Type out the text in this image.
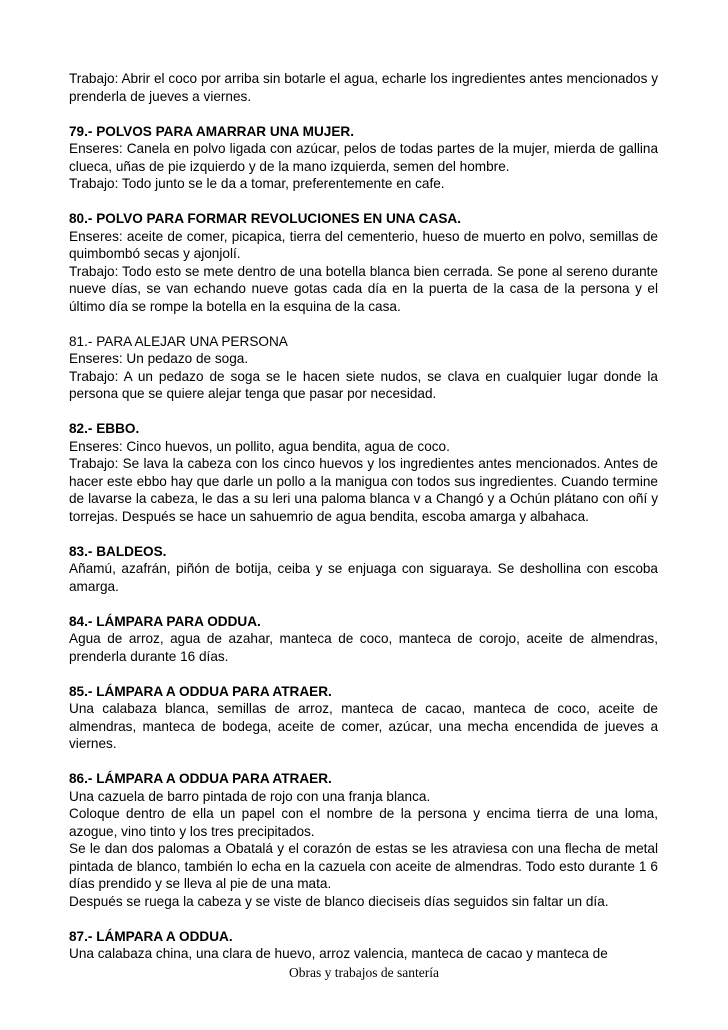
Trabajo: Abrir el coco por arriba sin botarle el agua, echarle los ingredientes antes mencionados y prenderla de jueves a viernes.

79.- POLVOS PARA AMARRAR UNA MUJER.

Enseres: Canela en polvo ligada con azúcar, pelos de todas partes de la mujer, mierda de gallina clueca, uñas de pie izquierdo y de la mano izquierda, semen del hombre.

Trabajo: Todo junto se le da a tomar, preferentemente en cafe.

80.- POLVO PARA FORMAR REVOLUCIONES EN UNA CASA.

Enseres: aceite de comer, picapica, tierra del cementerio, hueso de muerto en polvo, semillas de quimbombó secas y ajonjolí.

Trabajo: Todo esto se mete dentro de una botella blanca bien cerrada. Se pone al sereno durante nueve días, se van echando nueve gotas cada día en la puerta de la casa de la persona y el último día se rompe la botella en la esquina de la casa.

81.- PARA ALEJAR UNA PERSONA

Enseres: Un pedazo de soga.

Trabajo: A un pedazo de soga se le hacen siete nudos, se clava en cualquier lugar donde la persona que se quiere alejar tenga que pasar por necesidad.

82.- EBBO.

Enseres: Cinco huevos, un pollito, agua bendita, agua de coco.

Trabajo: Se lava la cabeza con los cinco huevos y los ingredientes antes mencionados. Antes de hacer este ebbo hay que darle un pollo a la manigua con todos sus ingredientes. Cuando termine de lavarse la cabeza, le das a su leri una paloma blanca v a Changó y a Ochún plátano con oñí y torrejas. Después se hace un sahuemrio de agua bendita, escoba amarga y albahaca.

83.- BALDEOS.

Añamú, azafrán, piñón de botija, ceiba y se enjuaga con siguaraya. Se deshollina con escoba amarga.

84.- LÁMPARA PARA ODDUA.

Agua de arroz, agua de azahar, manteca de coco, manteca de corojo, aceite de almendras, prenderla durante 16 días.

85.- LÁMPARA A ODDUA PARA ATRAER.

Una calabaza blanca, semillas de arroz, manteca de cacao, manteca de coco, aceite de almendras, manteca de bodega, aceite de comer, azúcar, una mecha encendida de jueves a viernes.

86.- LÁMPARA A ODDUA PARA ATRAER.

Una cazuela de barro pintada de rojo con una franja blanca.

Coloque dentro de ella un papel con el nombre de la persona y encima tierra de una loma, azogue, vino tinto y los tres precipitados.

Se le dan dos palomas a Obatalá y el corazón de estas se les atraviesa con una flecha de metal pintada de blanco, también lo echa en la cazuela con aceite de almendras. Todo esto durante 1 6 días prendido y se lleva al pie de una mata.

Después se ruega la cabeza y se viste de blanco dieciseis días seguidos sin faltar un día.

87.- LÁMPARA A ODDUA.

Una calabaza china, una clara de huevo, arroz valencia, manteca de cacao y manteca de

Obras y trabajos de santería
